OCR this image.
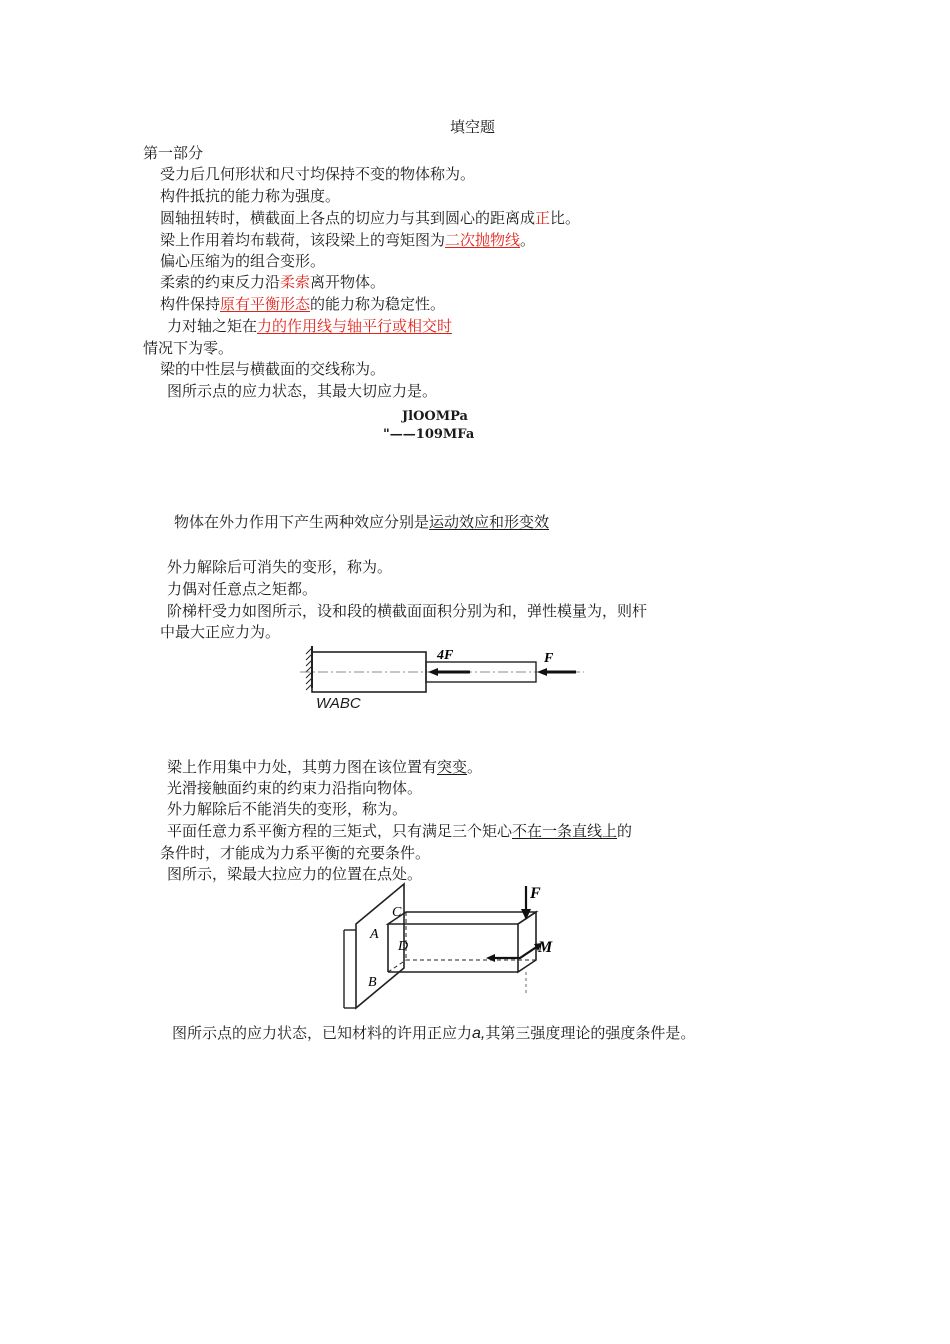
填空题
第一部分
受力后几何形状和尺寸均保持不变的物体称为。
构件抵抗的能力称为强度。
圆轴扭转时，横截面上各点的切应力与其到圆心的距离成正比。
梁上作用着均布载荷，该段梁上的弯矩图为二次抛物线。
偏心压缩为的组合变形。
柔索的约束反力沿柔索离开物体。
构件保持原有平衡形态的能力称为稳定性。
力对轴之矩在力的作用线与轴平行或相交时
情况下为零。
梁的中性层与横截面的交线称为。
图所示点的应力状态，其最大切应力是。
JlOOMPa
"——109MFa
物体在外力作用下产生两种效应分别是运动效应和形变效
外力解除后可消失的变形，称为。
力偶对任意点之矩都。
阶梯杆受力如图所示，设和段的横截面面积分别为和，弹性模量为，则杆
中最大正应力为。
4F	F
WABC
梁上作用集中力处，其剪力图在该位置有突变。
光滑接触面约束的约束力沿指向物体。
外力解除后不能消失的变形，称为。
平面任意力系平衡方程的三矩式，只有满足三个矩心不在一条直线上的
条件时，才能成为力系平衡的充要条件。
图所示，梁最大拉应力的位置在点处。
F
M
A
B
C
D
图所示点的应力状态，已知材料的许用正应力a,其第三强度理论的强度条件是。
